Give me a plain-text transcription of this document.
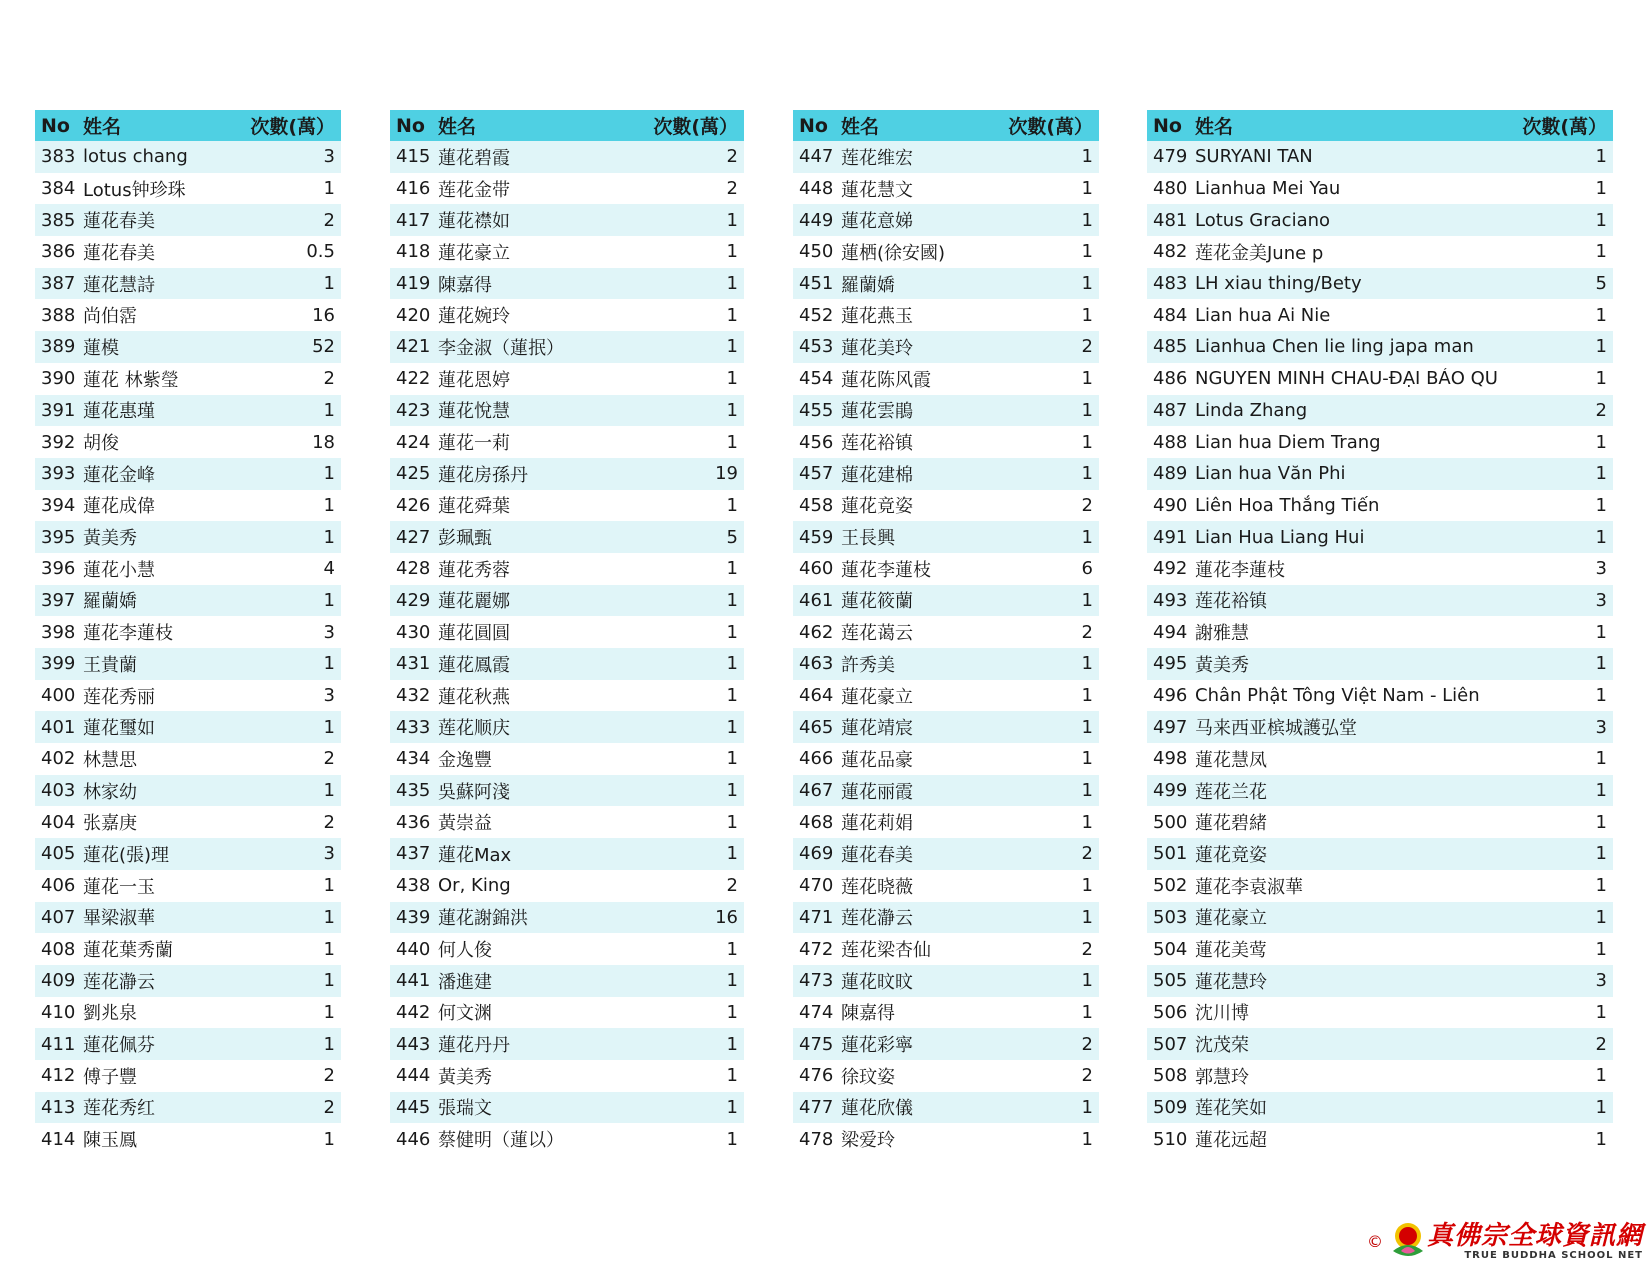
No 姓名	次數(萬）
383 lotus chang	3
384 Lotus钟珍珠	1
385 蓮花春美	2
386 蓮花春美	0.5
387 蓮花慧詩	1
388 尚伯霑	16
389 蓮模	52
390 蓮花 林紫瑩	2
391 蓮花惠瑾	1
392 胡俊	18
393 蓮花金峰	1
394 蓮花成偉	1
395 黃美秀	1
396 蓮花小慧	4
397 羅蘭嬌	1
398 蓮花李蓮枝	3
399 王貴蘭	1
400 莲花秀丽	3
401 蓮花璽如	1
402 林慧思	2
403 林家幼	1
404 张嘉庚	2
405 蓮花(張)理	3
406 蓮花一玉	1
407 畢梁淑華	1
408 蓮花葉秀蘭	1
409 莲花瀞云	1
410 劉兆泉	1
411 蓮花佩芬	1
412 傅子豐	2
413 莲花秀红	2
414 陳玉鳳	1
No 姓名	次數(萬）
415 蓮花碧霞	2
416 莲花金带	2
417 蓮花襟如	1
418 蓮花豪立	1
419 陳嘉得	1
420 蓮花婉玲	1
421 李金淑（蓮抿）	1
422 蓮花恩婷	1
423 蓮花悅慧	1
424 蓮花一莉	1
425 蓮花房孫丹	19
426 蓮花舜葉	1
427 彭珮甄	5
428 蓮花秀蓉	1
429 蓮花麗娜	1
430 蓮花圓圓	1
431 蓮花鳳霞	1
432 蓮花秋燕	1
433 莲花顺庆	1
434 金逸豐	1
435 吳蘇阿淺	1
436 黃崇益	1
437 蓮花Max	1
438 Or, King	2
439 蓮花謝錦洪	16
440 何人俊	1
441 潘進建	1
442 何文渊	1
443 蓮花丹丹	1
444 黃美秀	1
445 張瑞文	1
446 蔡健明（蓮以）	1
No 姓名	次數(萬）
447 莲花维宏	1
448 蓮花慧文	1
449 蓮花意娣	1
450 蓮栖(徐安國)	1
451 羅蘭嬌	1
452 蓮花燕玉	1
453 蓮花美玲	2
454 蓮花陈风霞	1
455 蓮花雲鵑	1
456 莲花裕镇	1
457 蓮花建棉	1
458 蓮花竟姿	2
459 王長興	1
460 蓮花李蓮枝	6
461 蓮花筱蘭	1
462 莲花蔼云	2
463 許秀美	1
464 蓮花豪立	1
465 蓮花靖宸	1
466 蓮花品豪	1
467 蓮花丽霞	1
468 蓮花莉娟	1
469 蓮花春美	2
470 莲花晓薇	1
471 莲花瀞云	1
472 莲花梁杏仙	2
473 蓮花旼旼	1
474 陳嘉得	1
475 蓮花彩寧	2
476 徐玟姿	2
477 蓮花欣儀	1
478 梁爱玲	1
No 姓名	次數(萬）
479 SURYANI TAN	1
480 Lianhua Mei Yau	1
481 Lotus Graciano	1
482 莲花金美June p	1
483 LH xiau thing/Bety	5
484 Lian hua Ai Nie	1
485 Lianhua Chen lie ling japa man	1
486 NGUYEN MINH CHAU-ĐẠI BẢO QU	1
487 Linda Zhang	2
488 Lian hua Diem Trang	1
489 Lian hua Văn Phi	1
490 Liên Hoa Thắng Tiến	1
491 Lian Hua Liang Hui	1
492 蓮花李蓮枝	3
493 莲花裕镇	3
494 謝雅慧	1
495 黃美秀	1
496 Chân Phật Tông Việt Nam - Liên	1
497 马来西亚槟城護弘堂	3
498 蓮花慧凤	1
499 莲花兰花	1
500 蓮花碧緒	1
501 蓮花竟姿	1
502 蓮花李袁淑華	1
503 蓮花豪立	1
504 蓮花美莺	1
505 蓮花慧玲	3
506 沈川博	1
507 沈茂荣	2
508 郭慧玲	1
509 莲花笑如	1
510 蓮花远超	1
© 真佛宗全球資訊網
TRUE BUDDHA SCHOOL NET
